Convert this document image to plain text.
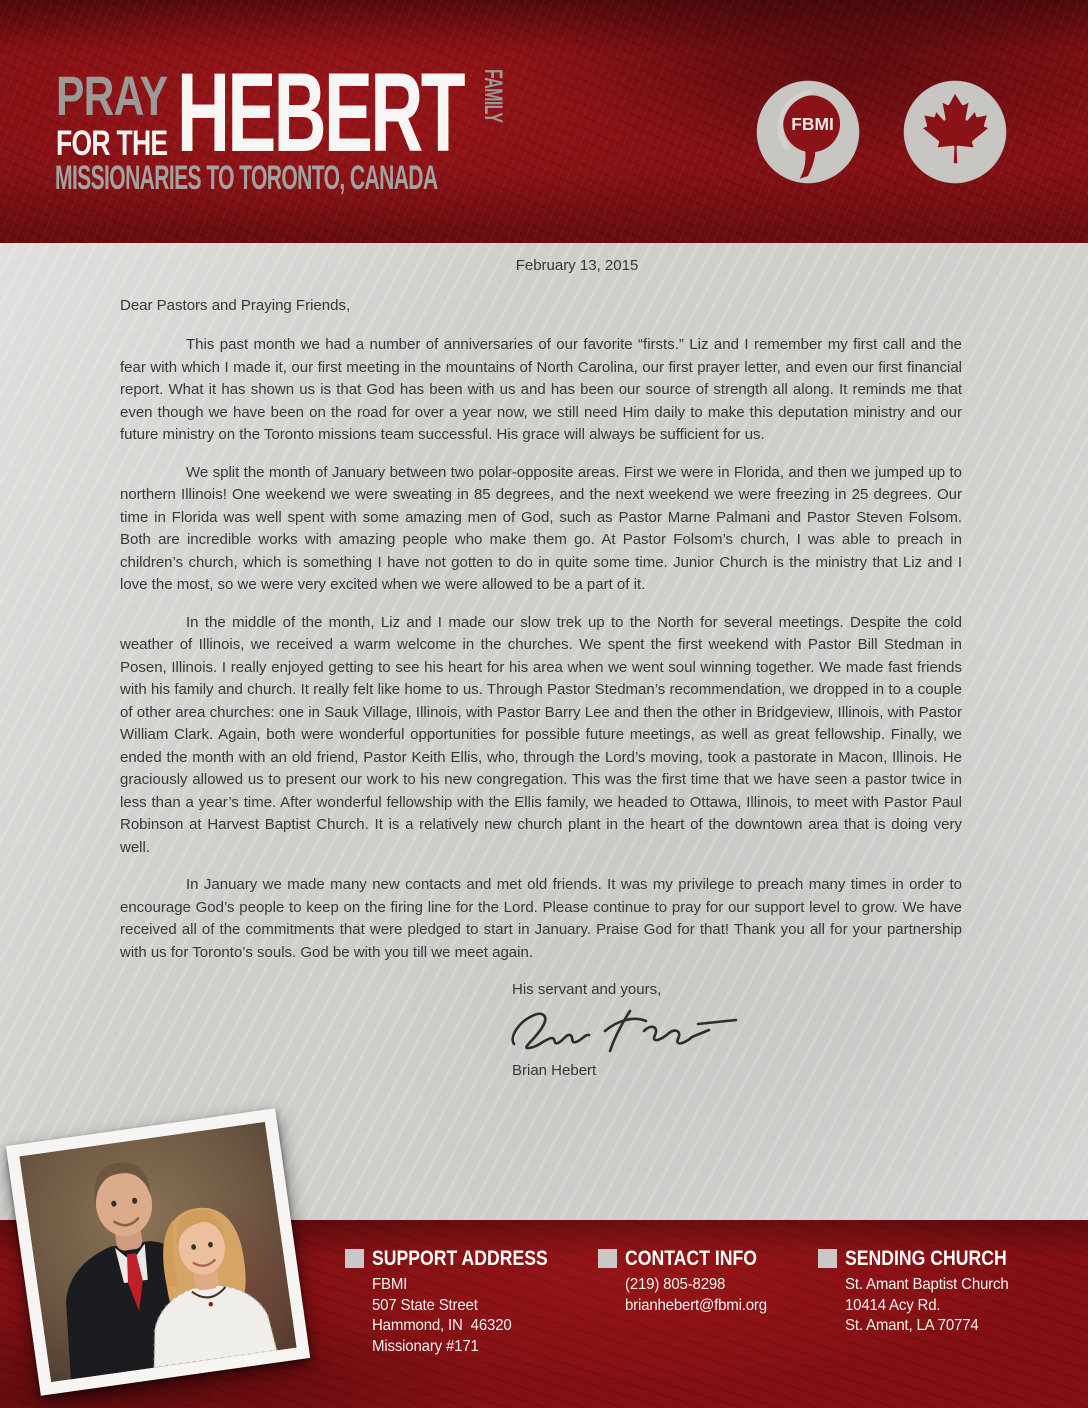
PRAY
FOR THE HEBERT FAMILY
MISSIONARIES TO TORONTO, CANADA
FBMI
February 13, 2015
Dear Pastors and Praying Friends,

This past month we had a number of anniversaries of our favorite “firsts.” Liz and I remember my first call and the fear with which I made it, our first meeting in the mountains of North Carolina, our first prayer letter, and even our first financial report. What it has shown us is that God has been with us and has been our source of strength all along. It reminds me that even though we have been on the road for over a year now, we still need Him daily to make this deputation ministry and our future ministry on the Toronto missions team successful. His grace will always be sufficient for us.

We split the month of January between two polar-opposite areas. First we were in Florida, and then we jumped up to northern Illinois! One weekend we were sweating in 85 degrees, and the next weekend we were freezing in 25 degrees. Our time in Florida was well spent with some amazing men of God, such as Pastor Marne Palmani and Pastor Steven Folsom. Both are incredible works with amazing people who make them go. At Pastor Folsom’s church, I was able to preach in children’s church, which is something I have not gotten to do in quite some time. Junior Church is the ministry that Liz and I love the most, so we were very excited when we were allowed to be a part of it.

In the middle of the month, Liz and I made our slow trek up to the North for several meetings. Despite the cold weather of Illinois, we received a warm welcome in the churches. We spent the first weekend with Pastor Bill Stedman in Posen, Illinois. I really enjoyed getting to see his heart for his area when we went soul winning together. We made fast friends with his family and church. It really felt like home to us. Through Pastor Stedman’s recommendation, we dropped in to a couple of other area churches: one in Sauk Village, Illinois, with Pastor Barry Lee and then the other in Bridgeview, Illinois, with Pastor William Clark. Again, both were wonderful opportunities for possible future meetings, as well as great fellowship. Finally, we ended the month with an old friend, Pastor Keith Ellis, who, through the Lord’s moving, took a pastorate in Macon, Illinois. He graciously allowed us to present our work to his new congregation. This was the first time that we have seen a pastor twice in less than a year’s time. After wonderful fellowship with the Ellis family, we headed to Ottawa, Illinois, to meet with Pastor Paul Robinson at Harvest Baptist Church. It is a relatively new church plant in the heart of the downtown area that is doing very well.

In January we made many new contacts and met old friends. It was my privilege to preach many times in order to encourage God’s people to keep on the firing line for the Lord. Please continue to pray for our support level to grow. We have received all of the commitments that were pledged to start in January. Praise God for that! Thank you all for your partnership with us for Toronto’s souls. God be with you till we meet again.

His servant and yours,
Brian Hebert
SUPPORT ADDRESS
FBMI
507 State Street
Hammond, IN  46320
Missionary #171
CONTACT INFO
(219) 805-8298
brianhebert@fbmi.org
SENDING CHURCH
St. Amant Baptist Church
10414 Acy Rd.
St. Amant, LA 70774
